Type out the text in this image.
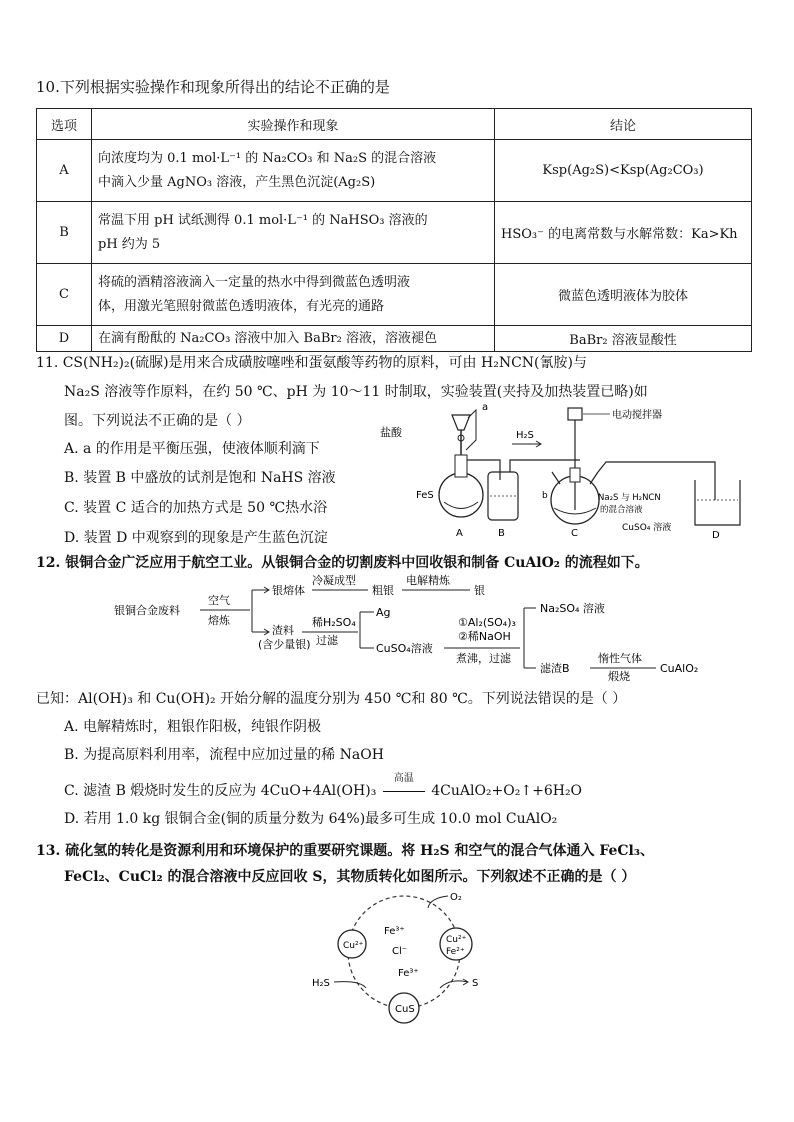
10.下列根据实验操作和现象所得出的结论不正确的是
选项	实验操作和现象	结论
A	向浓度均为 0.1 mol·L⁻¹ 的 Na₂CO₃ 和 Na₂S 的混合溶液
中滴入少量 AgNO₃ 溶液，产生黑色沉淀(Ag₂S)	Ksp(Ag₂S)<Ksp(Ag₂CO₃)
B	常温下用 pH 试纸测得 0.1 mol·L⁻¹ 的 NaHSO₃ 溶液的
pH 约为 5	HSO₃⁻ 的电离常数与水解常数：Ka>Kh
C	将硫的酒精溶液滴入一定量的热水中得到微蓝色透明液
体，用激光笔照射微蓝色透明液体，有光亮的通路	微蓝色透明液体为胶体
D	在滴有酚酞的 Na₂CO₃ 溶液中加入 BaBr₂ 溶液，溶液褪色	BaBr₂ 溶液显酸性
11. CS(NH₂)₂(硫脲)是用来合成磺胺噻唑和蛋氨酸等药物的原料，可由 H₂NCN(氰胺)与
Na₂S 溶液等作原料，在约 50 ℃、pH 为 10～11 时制取，实验装置(夹持及加热装置已略)如
图。下列说法不正确的是（ ）
A. a 的作用是平衡压强，使液体顺利滴下
B. 装置 B 中盛放的试剂是饱和 NaHS 溶液
C. 装置 C 适合的加热方式是 50 ℃热水浴
D. 装置 D 中观察到的现象是产生蓝色沉淀
a
盐酸
FeS
A	B
H₂S
电动搅拌器
b	Na₂S 与 H₂NCN
的混合溶液
C	CuSO₄ 溶液
D
12. 银铜合金广泛应用于航空工业。从银铜合金的切割废料中回收银和制备 CuAlO₂ 的流程如下。
银铜合金废料
空气
熔炼
银熔体
冷凝成型
粗银
电解精炼
银
渣料
(含少量银)
稀H₂SO₄
过滤
Ag
CuSO₄溶液
①Al₂(SO₄)₃
②稀NaOH
煮沸，过滤
Na₂SO₄ 溶液
滤渣B
惰性气体
煅烧
CuAlO₂
已知：Al(OH)₃ 和 Cu(OH)₂ 开始分解的温度分别为 450 ℃和 80 ℃。下列说法错误的是（ ）
A. 电解精炼时，粗银作阳极，纯银作阴极
B. 为提高原料利用率，流程中应加过量的稀 NaOH
C. 滤渣 B 煅烧时发生的反应为 4CuO+4Al(OH)₃
高温
4CuAlO₂+O₂↑+6H₂O
D. 若用 1.0 kg 银铜合金(铜的质量分数为 64%)最多可生成 10.0 mol CuAlO₂
13. 硫化氢的转化是资源利用和环境保护的重要研究课题。将 H₂S 和空气的混合气体通入 FeCl₃、
FeCl₂、CuCl₂ 的混合溶液中反应回收 S，其物质转化如图所示。下列叙述不正确的是（ ）
Cu²⁺
Cu²⁺
Fe²⁺
CuS
Fe³⁺
Cl⁻
Fe³⁺
O₂
H₂S	S
